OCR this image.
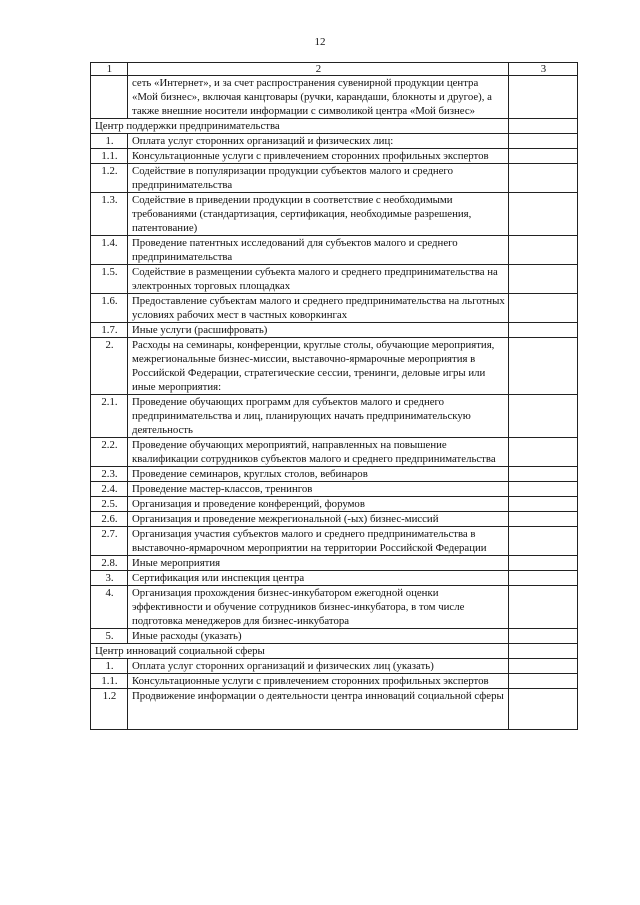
12
1	2	3
	сеть «Интернет», и за счет распространения сувенирной продукции центра «Мой бизнес», включая канцтовары (ручки, карандаши, блокноты и другое), а также внешние носители информации с символикой центра «Мой бизнес»	
Центр поддержки предпринимательства		
1.	Оплата услуг сторонних организаций и физических лиц:	
1.1.	Консультационные услуги с привлечением сторонних профильных экспертов	
1.2.	Содействие в популяризации продукции субъектов малого и среднего предпринимательства	
1.3.	Содействие в приведении продукции в соответствие с необходимыми требованиями (стандартизация, сертификация, необходимые разрешения, патентование)	
1.4.	Проведение патентных исследований для субъектов малого и среднего предпринимательства	
1.5.	Содействие в размещении субъекта малого и среднего предпринимательства на электронных торговых площадках	
1.6.	Предоставление субъектам малого и среднего предпринимательства на льготных условиях рабочих мест в частных коворкингах	
1.7.	Иные услуги (расшифровать)	
2.	Расходы на семинары, конференции, круглые столы, обучающие мероприятия, межрегиональные бизнес-миссии, выставочно-ярмарочные мероприятия в Российской Федерации, стратегические сессии, тренинги, деловые игры или иные мероприятия:	
2.1.	Проведение обучающих программ для субъектов малого и среднего предпринимательства и лиц, планирующих начать предпринимательскую деятельность	
2.2.	Проведение обучающих мероприятий, направленных на повышение квалификации сотрудников субъектов малого и среднего предпринимательства	
2.3.	Проведение семинаров, круглых столов, вебинаров	
2.4.	Проведение мастер-классов, тренингов	
2.5.	Организация и проведение конференций, форумов	
2.6.	Организация и проведение межрегиональной (-ых) бизнес-миссий	
2.7.	Организация участия субъектов малого и среднего предпринимательства в выставочно-ярмарочном мероприятии на территории Российской Федерации	
2.8.	Иные мероприятия	
3.	Сертификация или инспекция центра	
4.	Организация прохождения бизнес-инкубатором ежегодной оценки эффективности и обучение сотрудников бизнес-инкубатора, в том числе подготовка менеджеров для бизнес-инкубатора	
5.	Иные расходы (указать)	
Центр инноваций социальной сферы		
1.	Оплата услуг сторонних организаций и физических лиц (указать)	
1.1.	Консультационные услуги с привлечением сторонних профильных экспертов	
1.2	Продвижение информации о деятельности центра инноваций социальной сферы	
